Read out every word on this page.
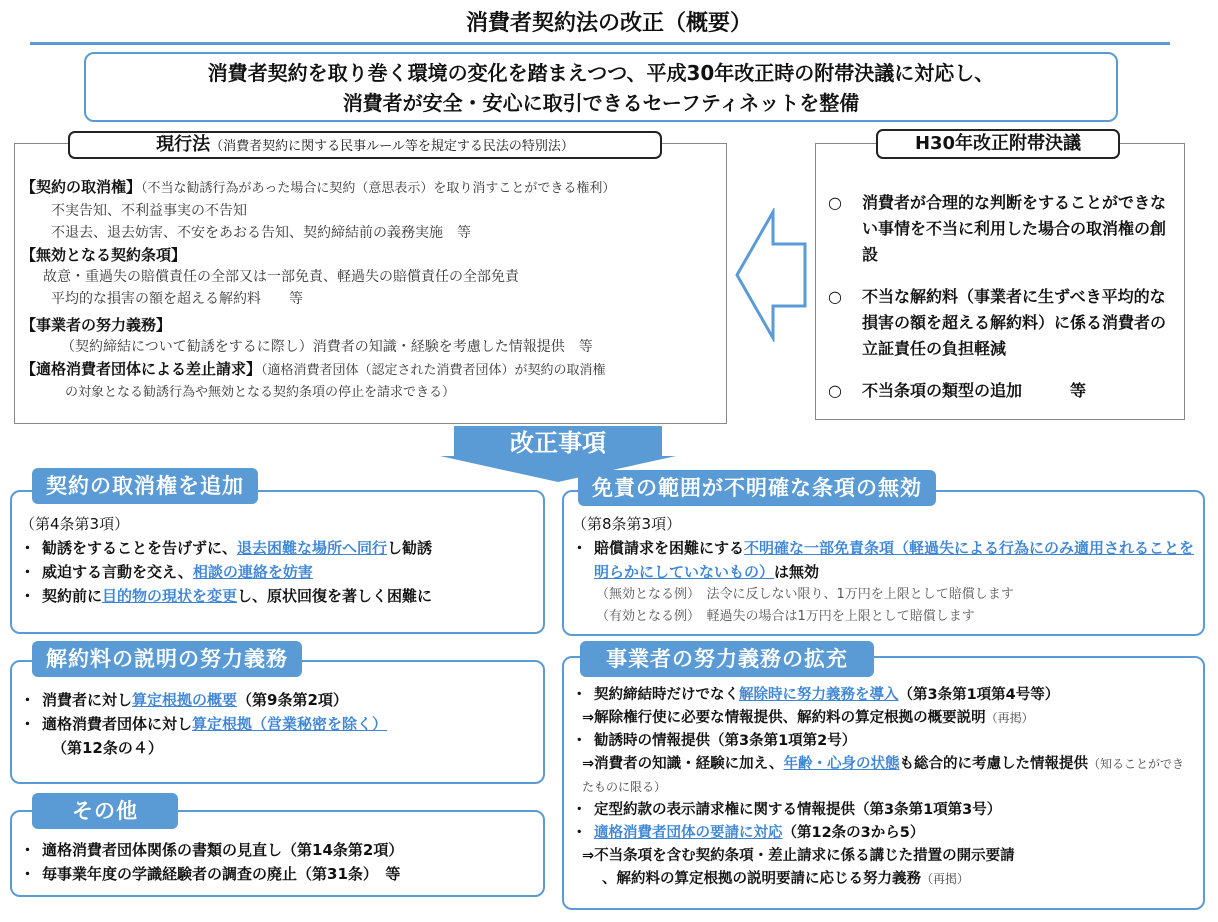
消費者契約法の改正（概要）
消費者契約を取り巻く環境の変化を踏まえつつ、平成30年改正時の附帯決議に対応し、
消費者が安全・安心に取引できるセーフティネットを整備
【契約の取消権】（不当な勧誘行為があった場合に契約（意思表示）を取り消すことができる権利）
不実告知、不利益事実の不告知
不退去、退去妨害、不安をあおる告知、契約締結前の義務実施　等
【無効となる契約条項】
故意・重過失の賠償責任の全部又は一部免責、軽過失の賠償責任の全部免責
平均的な損害の額を超える解約料　　等
【事業者の努力義務】
（契約締結について勧誘をするに際し）消費者の知識・経験を考慮した情報提供　等
【適格消費者団体による差止請求】（適格消費者団体（認定された消費者団体）が契約の取消権
の対象となる勧誘行為や無効となる契約条項の停止を請求できる）
現行法（消費者契約に関する民事ルール等を規定する民法の特別法）
○	消費者が合理的な判断をすることができない事情を不当に利用した場合の取消権の創設
○	不当な解約料（事業者に生ずべき平均的な損害の額を超える解約料）に係る消費者の立証責任の負担軽減
○	不当条項の類型の追加　　　等
H30年改正附帯決議
改正事項
（第4条第3項）
・ 勧誘をすることを告げずに、退去困難な場所へ同行し勧誘
・ 威迫する言動を交え、相談の連絡を妨害
・ 契約前に目的物の現状を変更し、原状回復を著しく困難に
契約の取消権を追加
・ 消費者に対し算定根拠の概要（第9条第2項）
・ 適格消費者団体に対し算定根拠（営業秘密を除く）
（第12条の４）
解約料の説明の努力義務
・ 適格消費者団体関係の書類の見直し（第14条第2項）
・ 毎事業年度の学識経験者の調査の廃止（第31条）　等
その他
（第8条第3項）
・ 賠償請求を困難にする不明確な一部免責条項（軽過失による行為にのみ適用されることを明らかにしていないもの）は無効
（無効となる例）　法令に反しない限り、1万円を上限として賠償します
（有効となる例）　軽過失の場合は1万円を上限として賠償します
免責の範囲が不明確な条項の無効
・ 契約締結時だけでなく解除時に努力義務を導入（第3条第1項第4号等）
⇒解除権行使に必要な情報提供、解約料の算定根拠の概要説明（再掲）
・ 勧誘時の情報提供（第3条第1項第2号）
⇒消費者の知識・経験に加え、年齢・心身の状態も総合的に考慮した情報提供（知ることができたものに限る）
・ 定型約款の表示請求権に関する情報提供（第3条第1項第3号）
・ 適格消費者団体の要請に対応（第12条の3から5）
⇒不当条項を含む契約条項・差止請求に係る講じた措置の開示要請
、解約料の算定根拠の説明要請に応じる努力義務（再掲）
事業者の努力義務の拡充
